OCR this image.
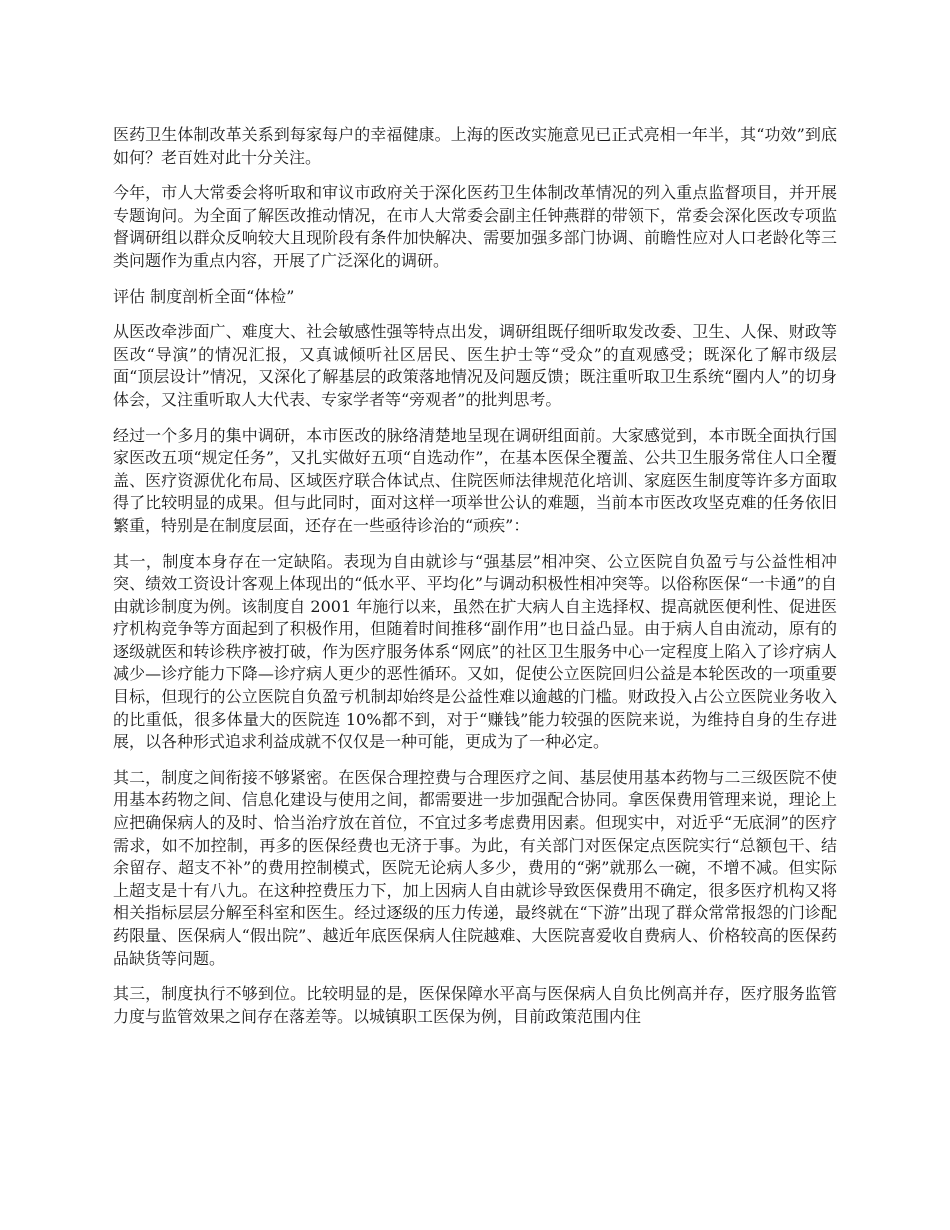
医药卫生体制改革关系到每家每户的幸福健康。上海的医改实施意见已正式亮相一年半，其“功效”到底如何？老百姓对此十分关注。

今年，市人大常委会将听取和审议市政府关于深化医药卫生体制改革情况的列入重点监督项目，并开展专题询问。为全面了解医改推动情况，在市人大常委会副主任钟燕群的带领下，常委会深化医改专项监督调研组以群众反响较大且现阶段有条件加快解决、需要加强多部门协调、前瞻性应对人口老龄化等三类问题作为重点内容，开展了广泛深化的调研。

评估 制度剖析全面“体检”

从医改牵涉面广、难度大、社会敏感性强等特点出发，调研组既仔细听取发改委、卫生、人保、财政等医改“导演”的情况汇报，又真诚倾听社区居民、医生护士等“受众”的直观感受；既深化了解市级层面“顶层设计”情况，又深化了解基层的政策落地情况及问题反馈；既注重听取卫生系统“圈内人”的切身体会，又注重听取人大代表、专家学者等“旁观者”的批判思考。

经过一个多月的集中调研，本市医改的脉络清楚地呈现在调研组面前。大家感觉到，本市既全面执行国家医改五项“规定任务”，又扎实做好五项“自选动作”，在基本医保全覆盖、公共卫生服务常住人口全覆盖、医疗资源优化布局、区域医疗联合体试点、住院医师法律规范化培训、家庭医生制度等许多方面取得了比较明显的成果。但与此同时，面对这样一项举世公认的难题，当前本市医改攻坚克难的任务依旧繁重，特别是在制度层面，还存在一些亟待诊治的“顽疾”：

其一，制度本身存在一定缺陷。表现为自由就诊与“强基层”相冲突、公立医院自负盈亏与公益性相冲突、绩效工资设计客观上体现出的“低水平、平均化”与调动积极性相冲突等。以俗称医保“一卡通”的自由就诊制度为例。该制度自 2001 年施行以来，虽然在扩大病人自主选择权、提高就医便利性、促进医疗机构竞争等方面起到了积极作用，但随着时间推移“副作用”也日益凸显。由于病人自由流动，原有的逐级就医和转诊秩序被打破，作为医疗服务体系“网底”的社区卫生服务中心一定程度上陷入了诊疗病人减少—诊疗能力下降—诊疗病人更少的恶性循环。又如，促使公立医院回归公益是本轮医改的一项重要目标，但现行的公立医院自负盈亏机制却始终是公益性难以逾越的门槛。财政投入占公立医院业务收入的比重低，很多体量大的医院连 10%都不到，对于“赚钱”能力较强的医院来说，为维持自身的生存进展，以各种形式追求利益成就不仅仅是一种可能，更成为了一种必定。

其二，制度之间衔接不够紧密。在医保合理控费与合理医疗之间、基层使用基本药物与二三级医院不使用基本药物之间、信息化建设与使用之间，都需要进一步加强配合协同。拿医保费用管理来说，理论上应把确保病人的及时、恰当治疗放在首位，不宜过多考虑费用因素。但现实中，对近乎“无底洞”的医疗需求，如不加控制，再多的医保经费也无济于事。为此，有关部门对医保定点医院实行“总额包干、结余留存、超支不补”的费用控制模式，医院无论病人多少，费用的“粥”就那么一碗，不增不减。但实际上超支是十有八九。在这种控费压力下，加上因病人自由就诊导致医保费用不确定，很多医疗机构又将相关指标层层分解至科室和医生。经过逐级的压力传递，最终就在“下游”出现了群众常常报怨的门诊配药限量、医保病人“假出院”、越近年底医保病人住院越难、大医院喜爱收自费病人、价格较高的医保药品缺货等问题。

其三，制度执行不够到位。比较明显的是，医保保障水平高与医保病人自负比例高并存，医疗服务监管力度与监管效果之间存在落差等。以城镇职工医保为例，目前政策范围内住
